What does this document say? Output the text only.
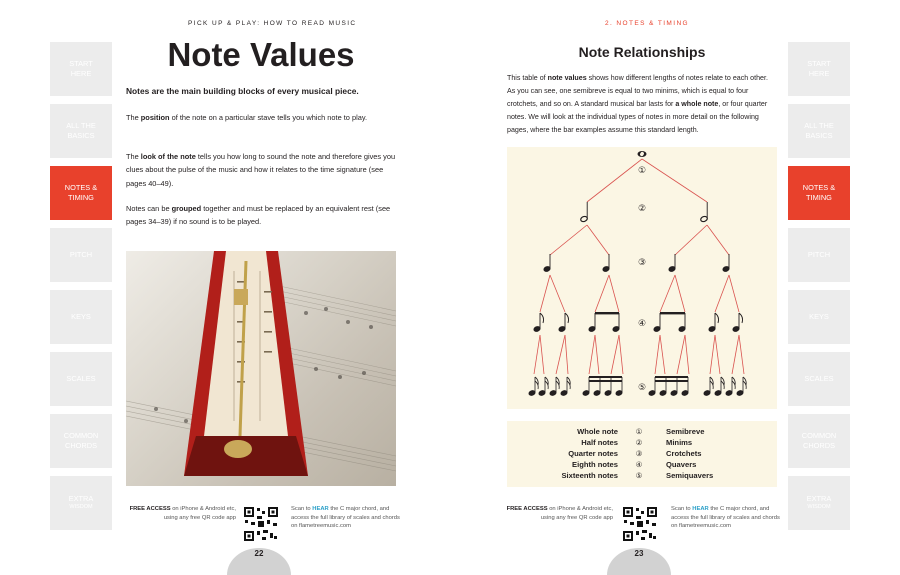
PICK UP & PLAY: HOW TO READ MUSIC	2. NOTES & TIMING
START
HERE
ALL THE
BASICS
NOTES &
TIMING
PITCH
KEYS
SCALES
COMMON
CHORDS
EXTRA
WISDOM
START
HERE
ALL THE
BASICS
NOTES &
TIMING
PITCH
KEYS
SCALES
COMMON
CHORDS
EXTRA
WISDOM
Note Values
Notes are the main building blocks of every musical piece.

The position of the note on a particular stave tells you which note to play.

The look of the note tells you how long to sound the note and therefore gives you clues about the pulse of the music and how it relates to the time signature (see pages 40–49).

Notes can be grouped together and must be replaced by an equivalent rest (see pages 34–39) if no sound is to be played.

FREE ACCESS on iPhone & Android etc, using any free QR code app
Scan to HEAR the C major chord, and access the full library of scales and chords on flametreemusic.com
22
Note Relationships

This table of note values shows how different lengths of notes relate to each other. As you can see, one semibreve is equal to two minims, which is equal to four crotchets, and so on. A standard musical bar lasts for a whole note, or four quarter notes. We will look at the individual types of notes in more detail on the following pages, where the bar examples assume this standard length.

①
②
③
④
⑤
Whole note	①	Semibreve
Half notes	②	Minims
Quarter notes	③	Crotchets
Eighth notes	④	Quavers
Sixteenth notes	⑤	Semiquavers
FREE ACCESS on iPhone & Android etc, using any free QR code app
Scan to HEAR the C major chord, and access the full library of scales and chords on flametreemusic.com
23
